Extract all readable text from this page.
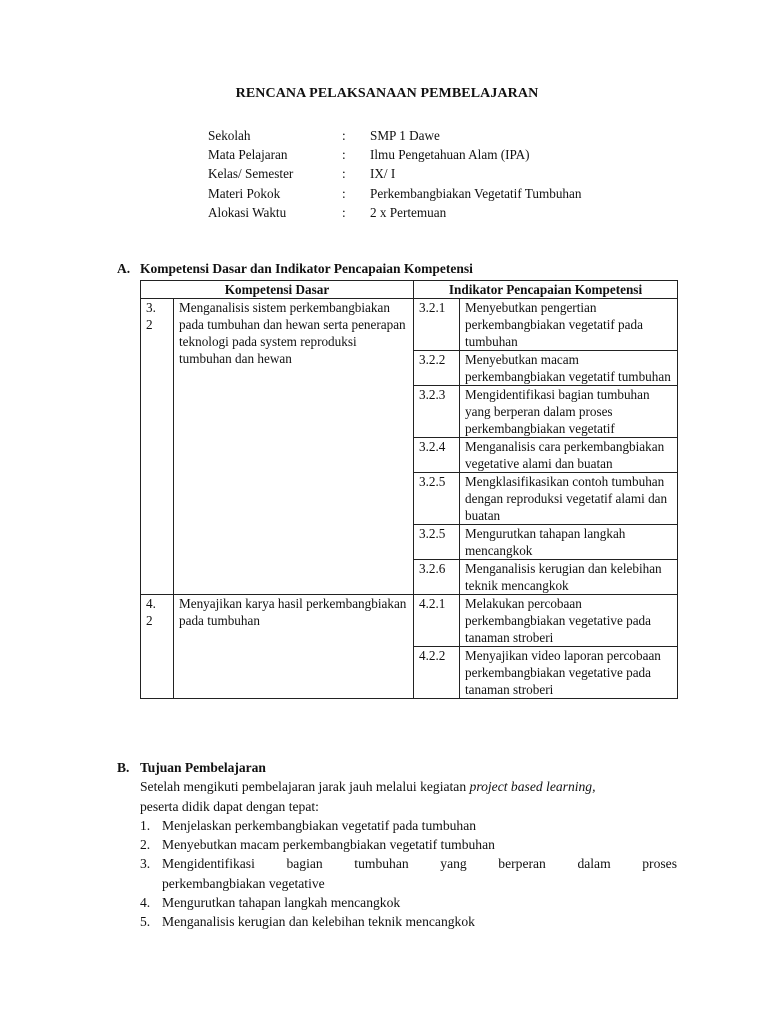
RENCANA PELAKSANAAN PEMBELAJARAN
Sekolah	:	SMP 1 Dawe
Mata Pelajaran	:	Ilmu Pengetahuan Alam (IPA)
Kelas/ Semester	:	IX/ I
Materi Pokok	:	Perkembangbiakan Vegetatif Tumbuhan
Alokasi Waktu	:	2 x Pertemuan
A. Kompetensi Dasar dan Indikator Pencapaian Kompetensi
Kompetensi Dasar		Indikator Pencapaian Kompetensi	
3.
2	Menganalisis sistem perkembangbiakan pada tumbuhan dan hewan serta penerapan teknologi pada system reproduksi tumbuhan dan hewan	3.2.1	Menyebutkan pengertian perkembangbiakan vegetatif pada tumbuhan
		3.2.2	Menyebutkan macam perkembangbiakan vegetatif tumbuhan
		3.2.3	Mengidentifikasi bagian tumbuhan yang berperan dalam proses perkembangbiakan vegetatif
		3.2.4	Menganalisis cara perkembangbiakan vegetative alami dan buatan
		3.2.5	Mengklasifikasikan contoh tumbuhan dengan reproduksi vegetatif alami dan buatan
		3.2.5	Mengurutkan tahapan langkah mencangkok
		3.2.6	Menganalisis kerugian dan kelebihan teknik mencangkok
4.
2	Menyajikan karya hasil perkembangbiakan pada tumbuhan	4.2.1	Melakukan percobaan perkembangbiakan vegetative pada tanaman stroberi
		4.2.2	Menyajikan video laporan percobaan perkembangbiakan vegetative pada tanaman stroberi
B. Tujuan Pembelajaran
Setelah mengikuti pembelajaran jarak jauh melalui kegiatan project based learning,
peserta didik dapat dengan tepat:
1. Menjelaskan perkembangbiakan vegetatif pada tumbuhan
2. Menyebutkan macam perkembangbiakan vegetatif tumbuhan
3. Mengidentifikasi bagian tumbuhan yang berperan dalam proses
perkembangbiakan vegetative
4. Mengurutkan tahapan langkah mencangkok
5. Menganalisis kerugian dan kelebihan teknik mencangkok
